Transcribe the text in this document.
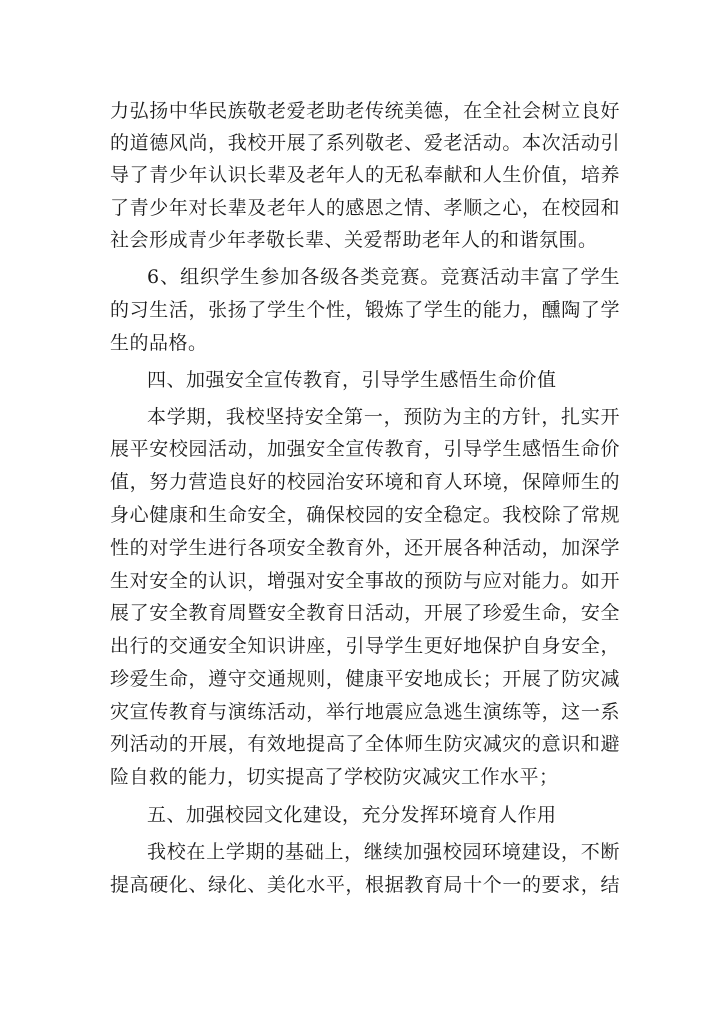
力弘扬中华民族敬老爱老助老传统美德，在全社会树立良好
的道德风尚，我校开展了系列敬老、爱老活动。本次活动引
导了青少年认识长辈及老年人的无私奉献和人生价值，培养
了青少年对长辈及老年人的感恩之情、孝顺之心，在校园和
社会形成青少年孝敬长辈、关爱帮助老年人的和谐氛围。
6、组织学生参加各级各类竞赛。竞赛活动丰富了学生
的习生活，张扬了学生个性，锻炼了学生的能力，醺陶了学
生的品格。
四、加强安全宣传教育，引导学生感悟生命价值
本学期，我校坚持安全第一，预防为主的方针，扎实开
展平安校园活动，加强安全宣传教育，引导学生感悟生命价
值，努力营造良好的校园治安环境和育人环境，保障师生的
身心健康和生命安全，确保校园的安全稳定。我校除了常规
性的对学生进行各项安全教育外，还开展各种活动，加深学
生对安全的认识，增强对安全事故的预防与应对能力。如开
展了安全教育周暨安全教育日活动，开展了珍爱生命，安全
出行的交通安全知识讲座，引导学生更好地保护自身安全，
珍爱生命，遵守交通规则，健康平安地成长；开展了防灾减
灾宣传教育与演练活动，举行地震应急逃生演练等，这一系
列活动的开展，有效地提高了全体师生防灾减灾的意识和避
险自救的能力，切实提高了学校防灾减灾工作水平；
五、加强校园文化建设，充分发挥环境育人作用
我校在上学期的基础上，继续加强校园环境建设，不断
提高硬化、绿化、美化水平，根据教育局十个一的要求，结
